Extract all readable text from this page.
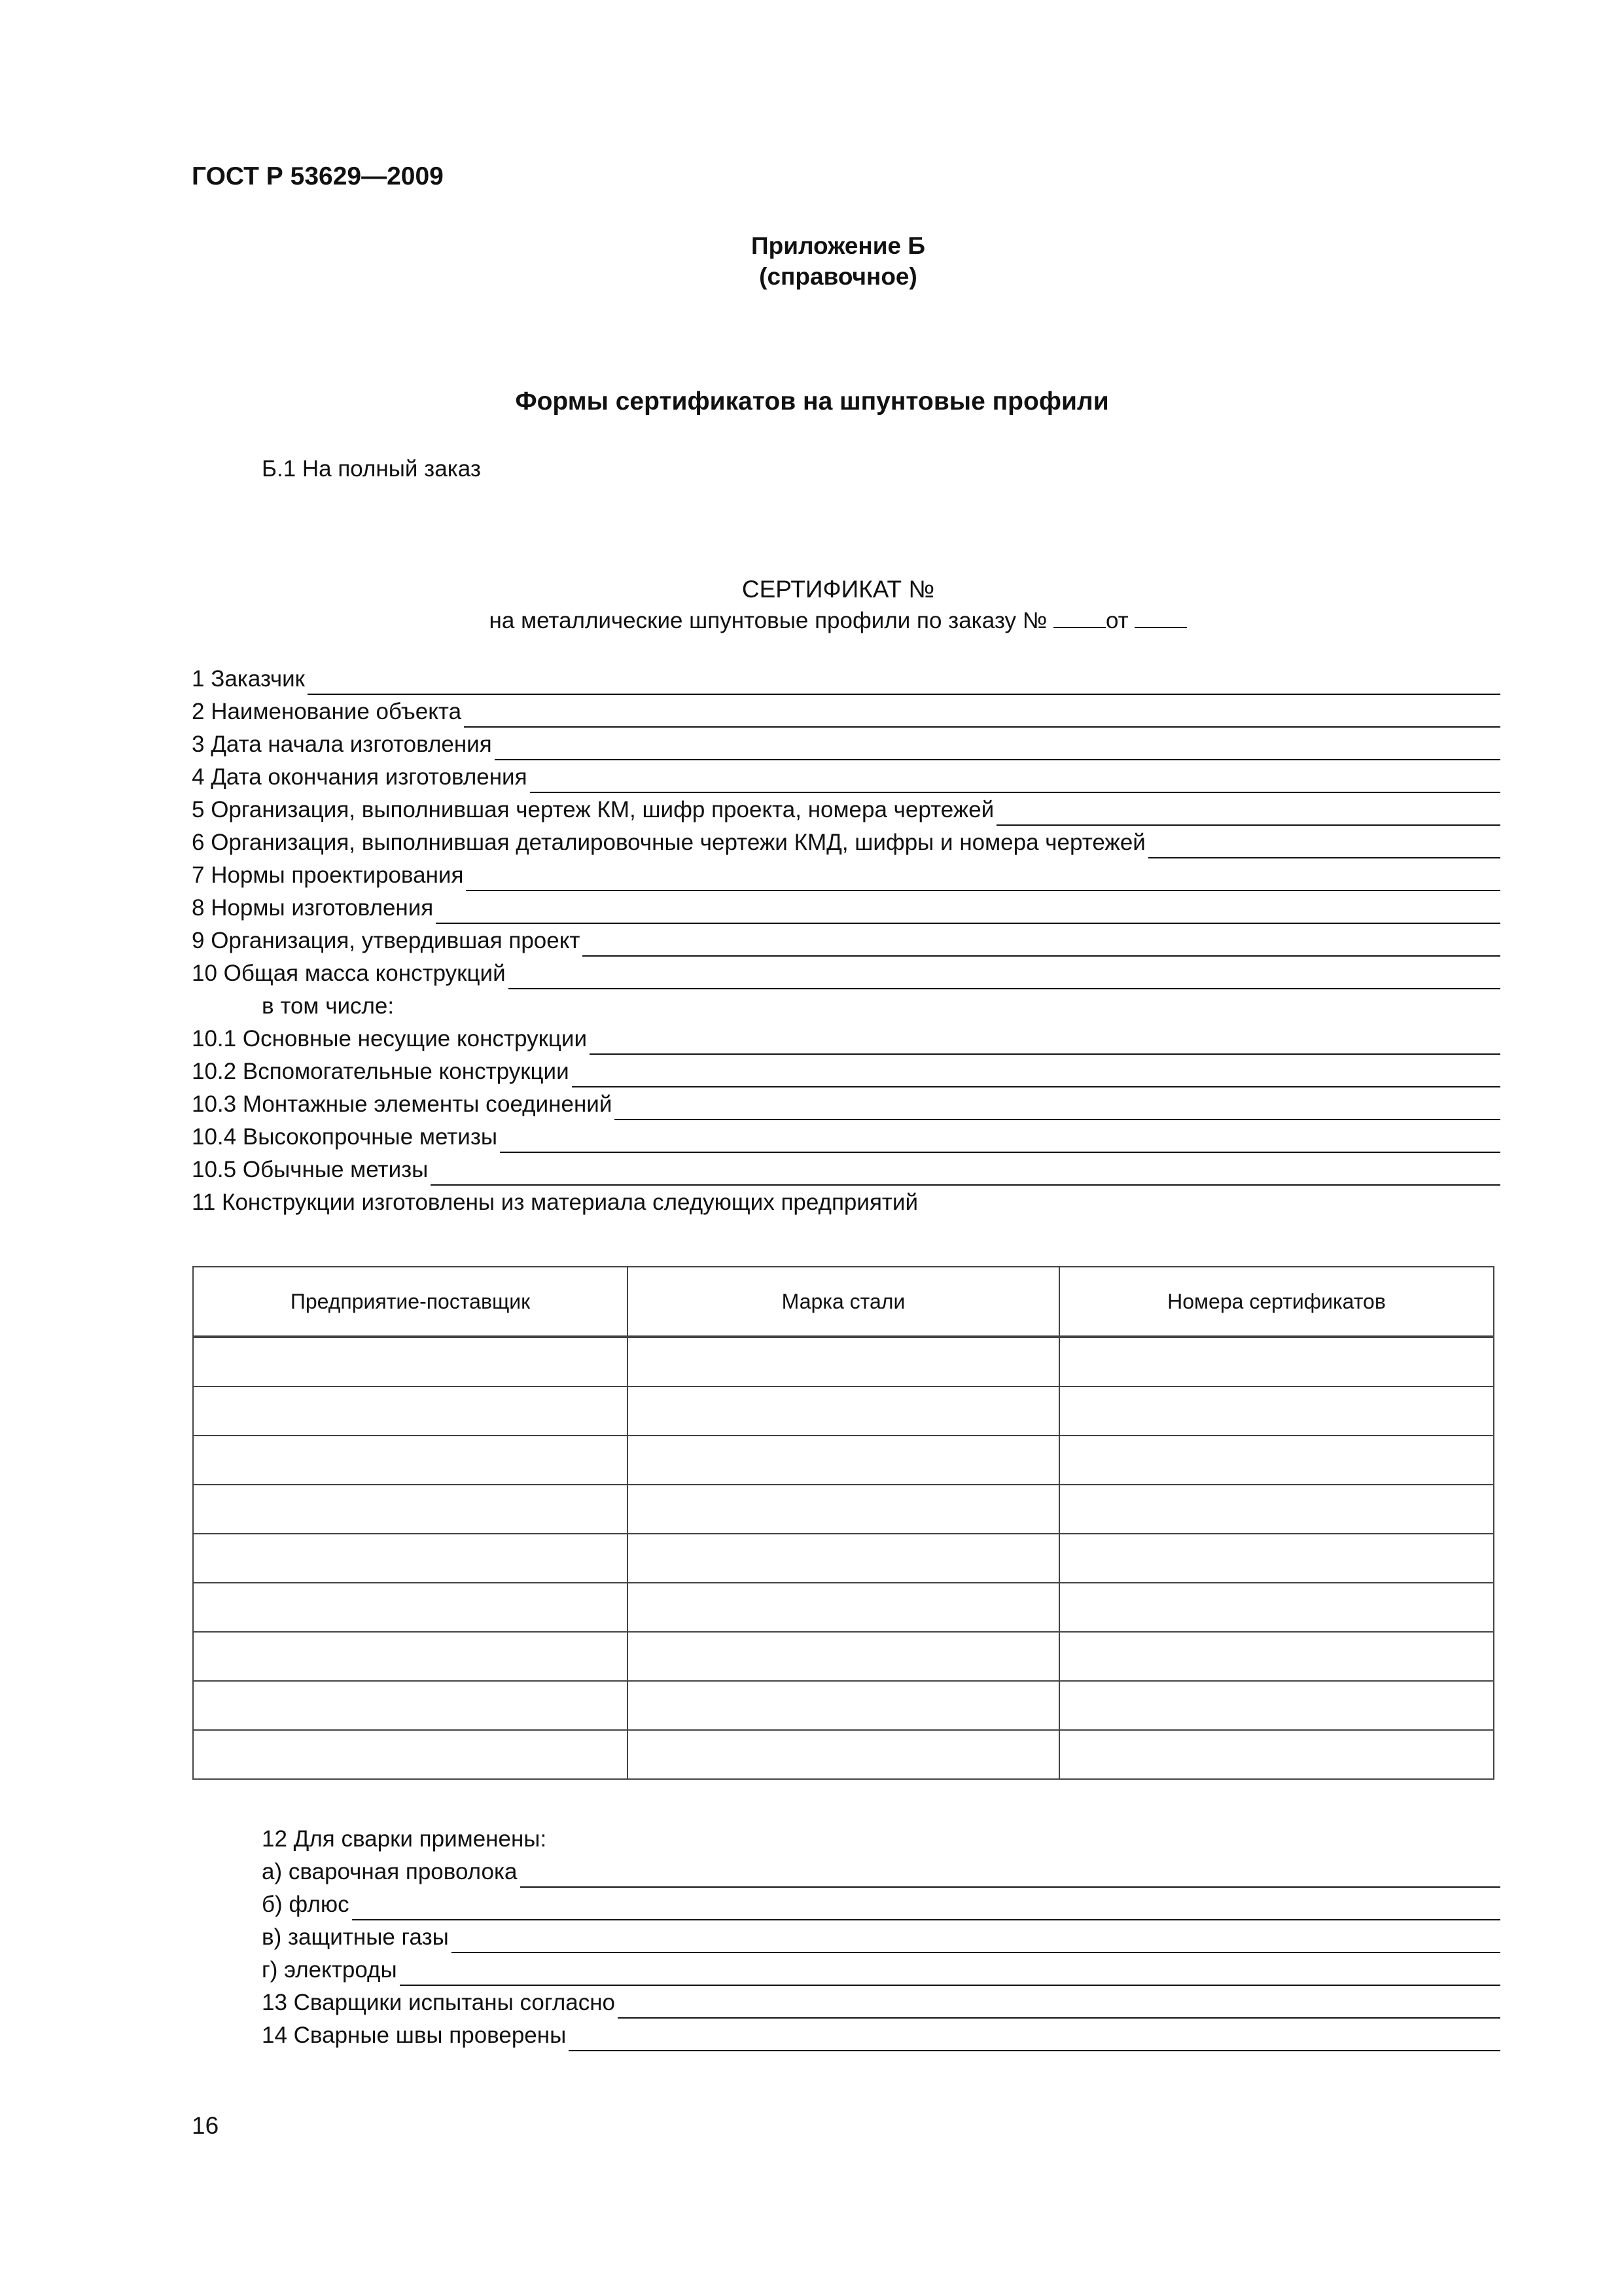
ГОСТ Р 53629—2009
Приложение Б
(справочное)
Формы сертификатов на шпунтовые профили
Б.1 На полный заказ
СЕРТИФИКАТ №
на металлические шпунтовые профили по заказу №	от
1 Заказчик
2 Наименование объекта
3 Дата начала изготовления
4 Дата окончания изготовления
5 Организация, выполнившая чертеж КМ, шифр проекта, номера чертежей
6 Организация, выполнившая деталировочные чертежи КМД, шифры и номера чертежей
7 Нормы проектирования
8 Нормы изготовления
9 Организация, утвердившая проект
10 Общая масса конструкций
в том числе:
10.1 Основные несущие конструкции
10.2 Вспомогательные конструкции
10.3 Монтажные элементы соединений
10.4 Высокопрочные метизы
10.5 Обычные метизы
11 Конструкции изготовлены из материала следующих предприятий
Предприятие-поставщик	Марка стали	Номера сертификатов

12 Для сварки применены:
а) сварочная проволока
б) флюс
в) защитные газы
г) электроды
13 Сварщики испытаны согласно
14 Сварные швы проверены
16
